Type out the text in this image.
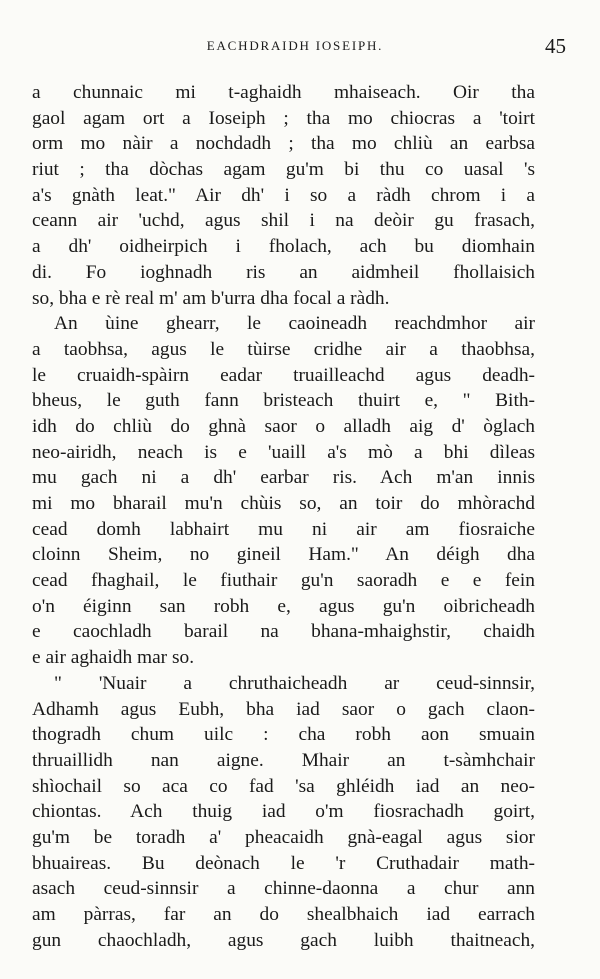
EACHDRAIDH IOSEIPH.	45
a chunnaic mi t-aghaidh mhaiseach. Oir tha
gaol agam ort a Ioseiph ; tha mo chiocras a 'toirt
orm mo nàir a nochdadh ; tha mo chliù an earbsa
riut ; tha dòchas agam gu'm bi thu co uasal 's
a's gnàth leat." Air dh' i so a ràdh chrom i a
ceann air 'uchd, agus shil i na deòir gu frasach,
a dh' oidheirpich i fholach, ach bu diomhain
di. Fo ioghnadh ris an aidmheil fhollaisich
so, bha e rè real m' am b'urra dha focal a ràdh.
An ùine ghearr, le caoineadh reachdmhor air
a taobhsa, agus le tùirse cridhe air a thaobhsa,
le cruaidh-spàirn eadar truailleachd agus deadh-
bheus, le guth fann bristeach thuirt e, " Bith-
idh do chliù do ghnà saor o alladh aig d' òglach
neo-airidh, neach is e 'uaill a's mò a bhi dìleas
mu gach ni a dh' earbar ris. Ach m'an innis
mi mo bharail mu'n chùis so, an toir do mhòrachd
cead domh labhairt mu ni air am fiosraiche
cloinn Sheim, no gineil Ham." An déigh dha
cead fhaghail, le fiuthair gu'n saoradh e e fein
o'n éiginn san robh e, agus gu'n oibricheadh
e caochladh barail na bhana-mhaighstir, chaidh
e air aghaidh mar so.
" 'Nuair a chruthaicheadh ar ceud-sinnsir,
Adhamh agus Eubh, bha iad saor o gach claon-
thogradh chum uilc : cha robh aon smuain
thruaillidh nan aigne. Mhair an t-sàmhchair
shìochail so aca co fad 'sa ghléidh iad an neo-
chiontas. Ach thuig iad o'm fiosrachadh goirt,
gu'm be toradh a' pheacaidh gnà-eagal agus sior
bhuaireas. Bu deònach le 'r Cruthadair math-
asach ceud-sinnsir a chinne-daonna a chur ann
am pàrras, far an do shealbhaich iad earrach
gun chaochladh, agus gach luibh thaitneach,
